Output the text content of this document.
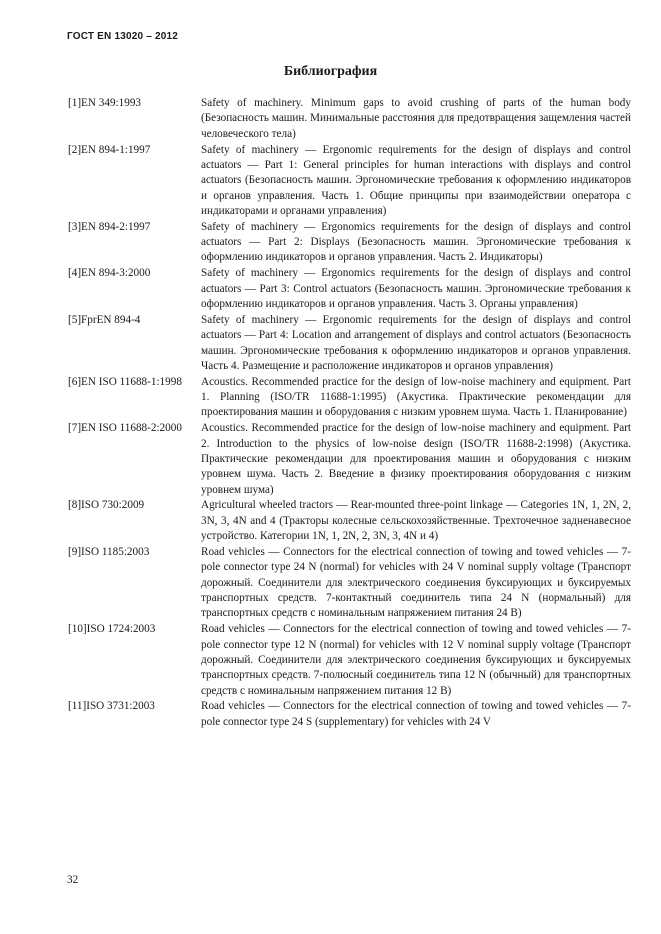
ГОСТ EN 13020 – 2012
Библиография
[1]EN 349:1993	Safety of machinery. Minimum gaps to avoid crushing of parts of the human body (Безопасность машин. Минимальные расстояния для предотвращения защемления частей человеческого тела)
[2]EN 894-1:1997	Safety of machinery — Ergonomic requirements for the design of displays and control actuators — Part 1: General principles for human interactions with displays and control actuators (Безопасность машин. Эргономические требования к оформлению индикаторов и органов управления. Часть 1. Общие принципы при взаимодействии оператора с индикаторами и органами управления)
[3]EN 894-2:1997	Safety of machinery — Ergonomics requirements for the design of displays and control actuators — Part 2: Displays (Безопасность машин. Эргономические требования к оформлению индикаторов и органов управления. Часть 2. Индикаторы)
[4]EN 894-3:2000	Safety of machinery — Ergonomics requirements for the design of displays and control actuators — Part 3: Control actuators (Безопасность машин. Эргономические требования к оформлению индикаторов и органов управления. Часть 3. Органы управления)
[5]FprEN 894-4	Safety of machinery — Ergonomic requirements for the design of displays and control actuators — Part 4: Location and arrangement of displays and control actuators (Безопасность машин. Эргономические требования к оформлению индикаторов и органов управления. Часть 4. Размещение и расположение индикаторов и органов управления)
[6]EN ISO 11688-1:1998	Acoustics. Recommended practice for the design of low-noise machinery and equipment. Part 1. Planning (ISO/TR 11688-1:1995) (Акустика. Практические рекомендации для проектирования машин и оборудования с низким уровнем шума. Часть 1. Планирование)
[7]EN ISO 11688-2:2000	Acoustics. Recommended practice for the design of low-noise machinery and equipment. Part 2. Introduction to the physics of low-noise design (ISO/TR 11688-2:1998) (Акустика. Практические рекомендации для проектирования машин и оборудования с низким уровнем шума. Часть 2. Введение в физику проектирования оборудования с низким уровнем шума)
[8]ISO 730:2009	Agricultural wheeled tractors — Rear-mounted three-point linkage — Categories 1N, 1, 2N, 2, 3N, 3, 4N and 4 (Тракторы колесные сельскохозяйственные. Трехточечное задненавесное устройство. Категории 1N, 1, 2N, 2, 3N, 3, 4N и 4)
[9]ISO 1185:2003	Road vehicles — Connectors for the electrical connection of towing and towed vehicles — 7-pole connector type 24 N (normal) for vehicles with 24 V nominal supply voltage (Транспорт дорожный. Соединители для электрического соединения буксирующих и буксируемых транспортных средств. 7-контактный соединитель типа 24 N (нормальный) для транспортных средств с номинальным напряжением питания 24 В)
[10]ISO 1724:2003	Road vehicles — Connectors for the electrical connection of towing and towed vehicles — 7-pole connector type 12 N (normal) for vehicles with 12 V nominal supply voltage (Транспорт дорожный. Соединители для электрического соединения буксирующих и буксируемых транспортных средств. 7-полюсный соединитель типа 12 N (обычный) для транспортных средств с номинальным напряжением питания 12 В)
[11]ISO 3731:2003	Road vehicles — Connectors for the electrical connection of towing and towed vehicles — 7-pole connector type 24 S (supplementary) for vehicles with 24 V
32
